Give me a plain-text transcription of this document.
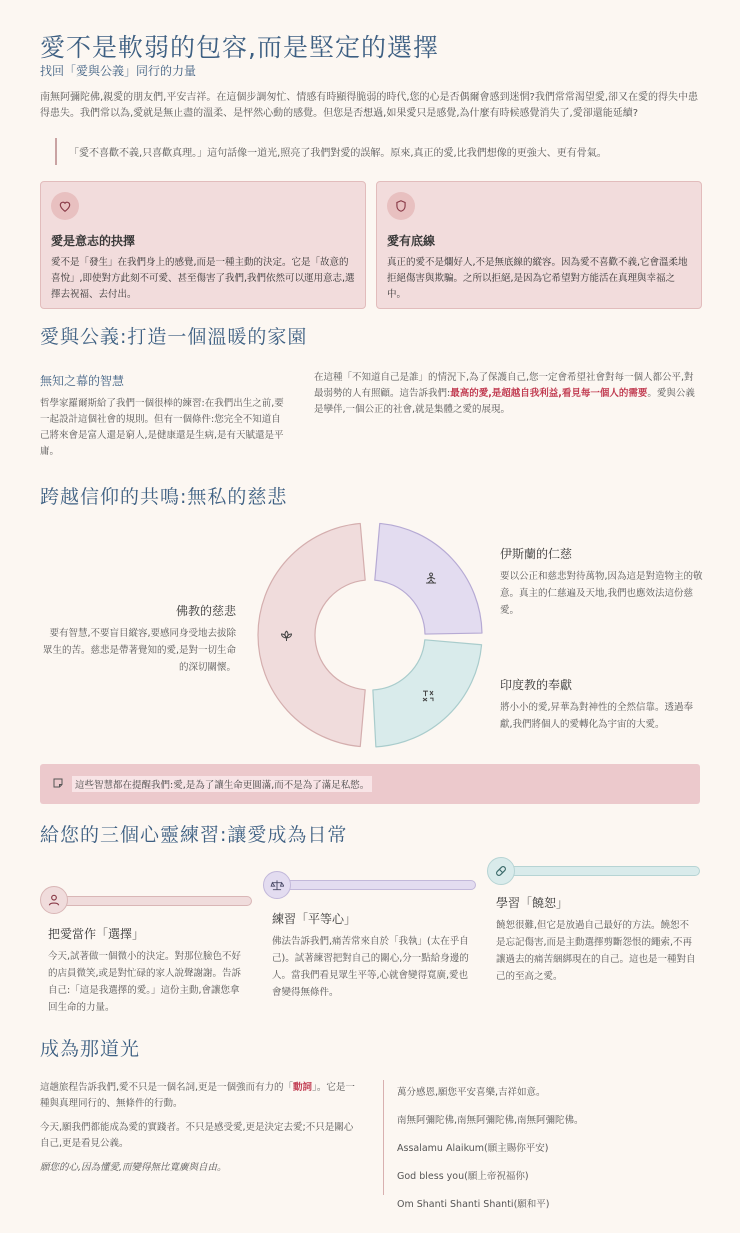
愛不是軟弱的包容,而是堅定的選擇
找回「愛與公義」同行的力量
南無阿彌陀佛,親愛的朋友們,平安吉祥。在這個步調匆忙、情感有時顯得脆弱的時代,您的心是否偶爾會感到迷惘?我們常常渴望愛,卻又在愛的得失中患得患失。我們常以為,愛就是無止盡的溫柔、是怦然心動的感覺。但您是否想過,如果愛只是感覺,為什麼有時候感覺消失了,愛卻還能延續?
「愛不喜歡不義,只喜歡真理。」這句話像一道光,照亮了我們對愛的誤解。原來,真正的愛,比我們想像的更強大、更有骨氣。
愛是意志的抉擇

愛不是「發生」在我們身上的感覺,而是一種主動的決定。它是「故意的喜悅」,即使對方此刻不可愛、甚至傷害了我們,我們依然可以運用意志,選擇去祝福、去付出。

愛有底線

真正的愛不是爛好人,不是無底線的縱容。因為愛不喜歡不義,它會溫柔地拒絕傷害與欺騙。之所以拒絕,是因為它希望對方能活在真理與幸福之中。

愛與公義:打造一個溫暖的家園
無知之幕的智慧
哲學家羅爾斯給了我們一個很棒的練習:在我們出生之前,要一起設計這個社會的規則。但有一個條件:您完全不知道自己將來會是富人還是窮人,是健康還是生病,是有天賦還是平庸。
在這種「不知道自己是誰」的情況下,為了保護自己,您一定會希望社會對每一個人都公平,對最弱勢的人有照顧。這告訴我們:最高的愛,是超越自我利益,看見每一個人的需要。愛與公義是孿伴,一個公正的社會,就是集體之愛的展現。
跨越信仰的共鳴:無私的慈悲
伊斯蘭的仁慈
要以公正和慈悲對待萬物,因為這是對造物主的敬意。真主的仁慈遍及天地,我們也應效法這份慈愛。
印度教的奉獻
將小小的愛,昇華為對神性的全然信靠。透過奉獻,我們將個人的愛轉化為宇宙的大愛。
佛教的慈悲
要有智慧,不要盲目縱容,要感同身受地去拔除眾生的苦。慈悲是帶著覺知的愛,是對一切生命的深切關懷。
這些智慧都在提醒我們:愛,是為了讓生命更圓滿,而不是為了滿足私慾。
給您的三個心靈練習:讓愛成為日常
把愛當作「選擇」
今天,試著做一個微小的決定。對那位臉色不好的店員微笑,或是對忙碌的家人說聲謝謝。告訴自己:「這是我選擇的愛。」這份主動,會讓您拿回生命的力量。
練習「平等心」
佛法告訴我們,痛苦常來自於「我執」(太在乎自己)。試著練習把對自己的關心,分一點給身邊的人。當我們看見眾生平等,心就會變得寬廣,愛也會變得無條件。
學習「饒恕」
饒恕很難,但它是放過自己最好的方法。饒恕不是忘記傷害,而是主動選擇剪斷怨恨的繩索,不再讓過去的痛苦綑綁現在的自己。這也是一種對自己的至高之愛。
成為那道光
這趟旅程告訴我們,愛不只是一個名詞,更是一個強而有力的「動詞」。它是一種與真理同行的、無條件的行動。
今天,願我們都能成為愛的實踐者。不只是感受愛,更是決定去愛;不只是關心自己,更是看見公義。
願您的心,因為懂愛,而變得無比寬廣與自由。
萬分感恩,願您平安喜樂,吉祥如意。
南無阿彌陀佛,南無阿彌陀佛,南無阿彌陀佛。
Assalamu Alaikum(願主賜你平安)
God bless you(願上帝祝福你)
Om Shanti Shanti Shanti(願和平)
